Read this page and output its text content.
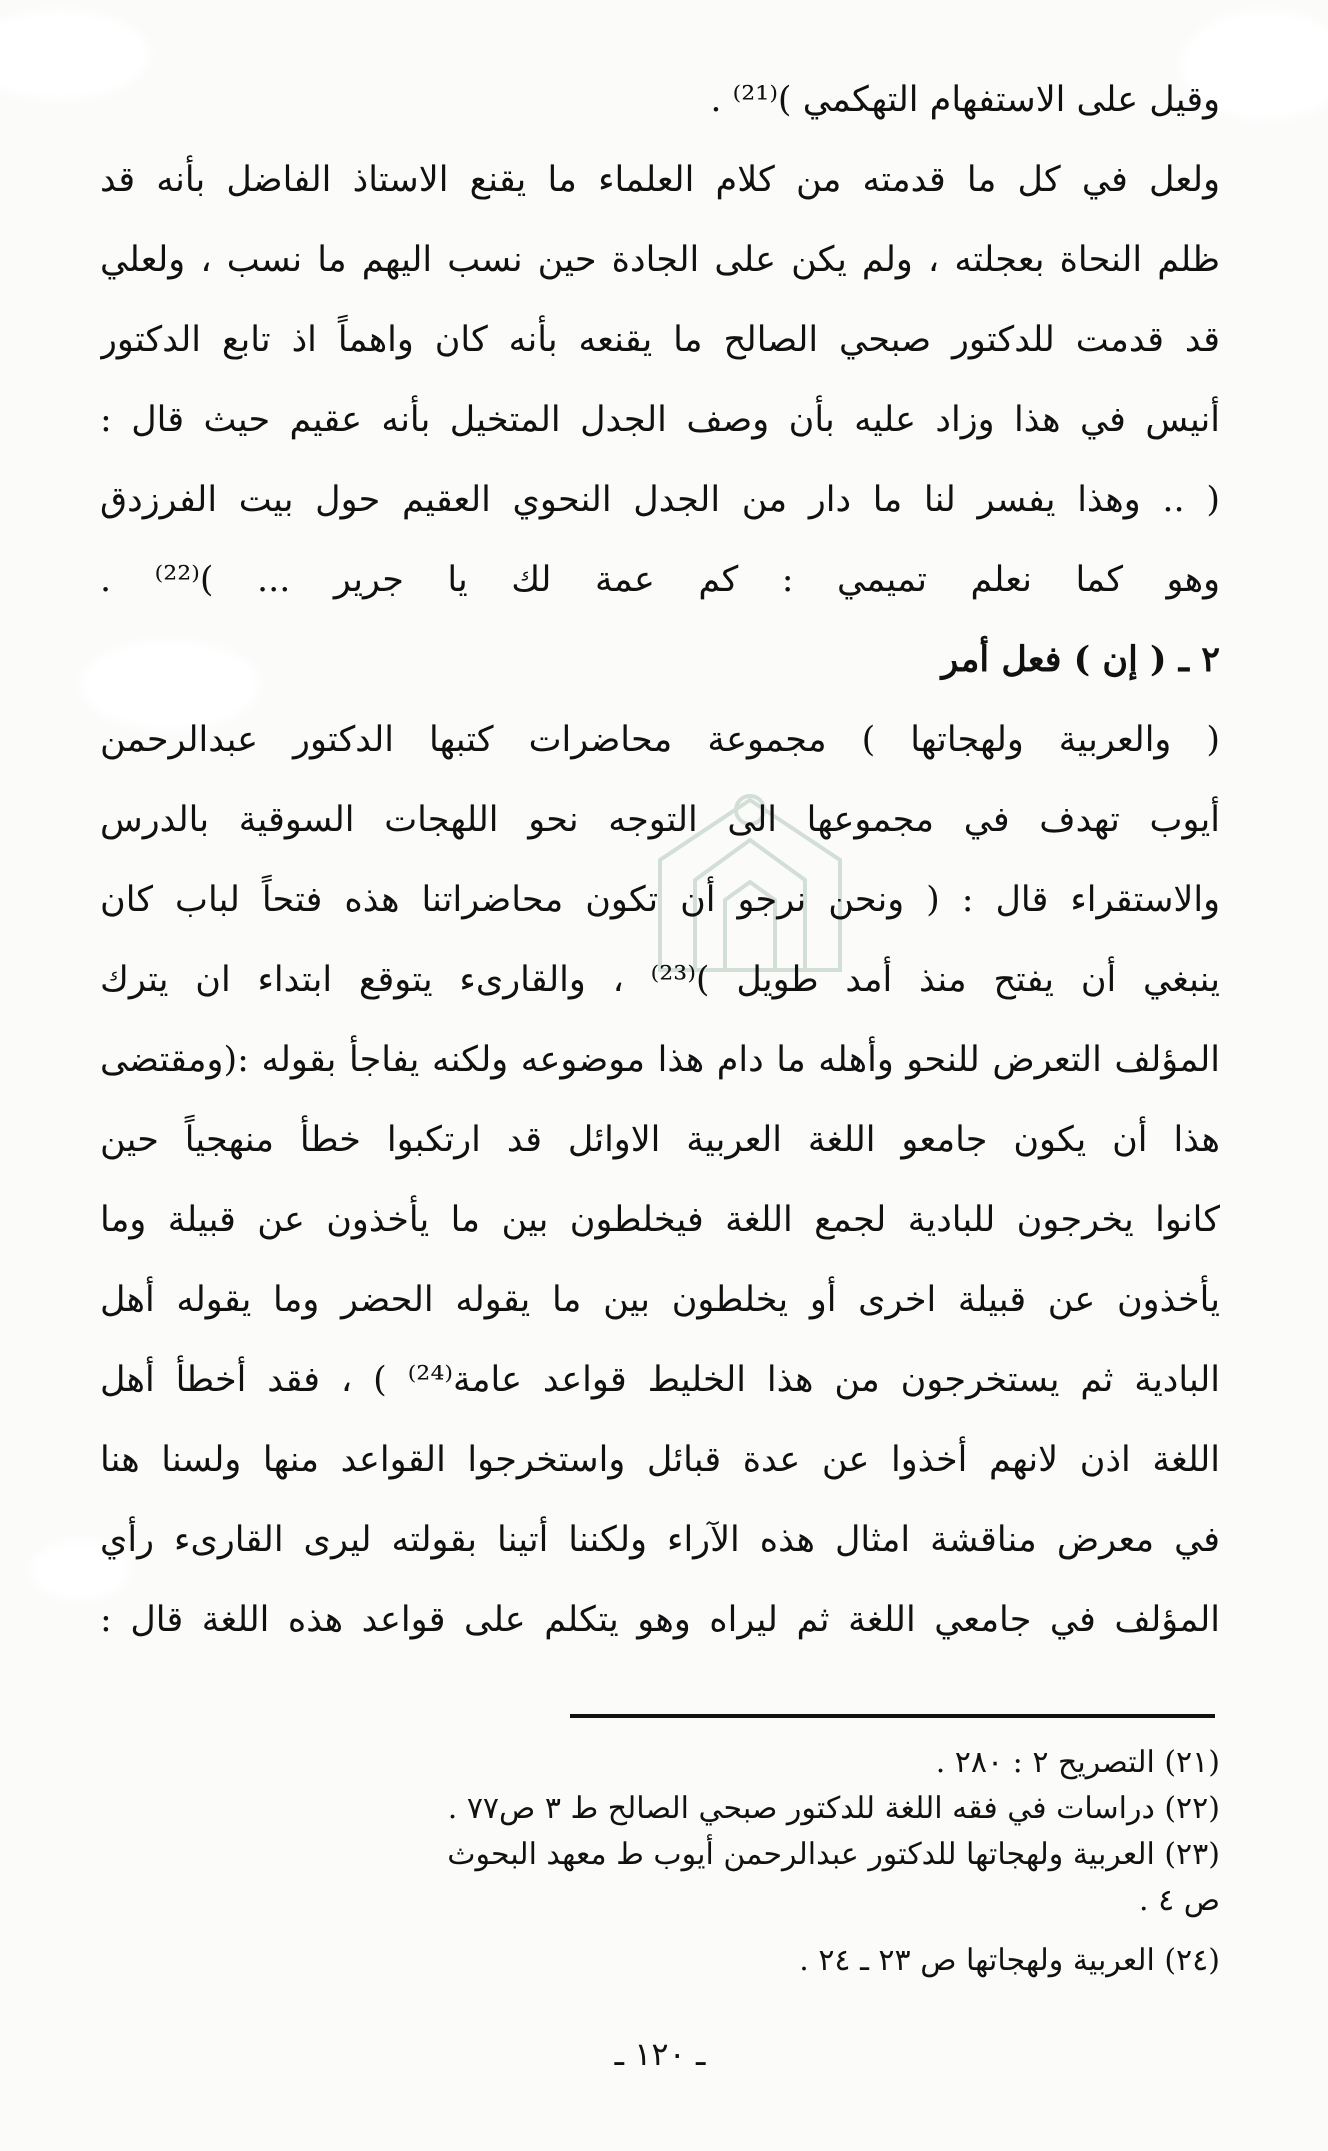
وقيل على الاستفهام التهكمي )⁽²¹⁾ .
ولعل في كل ما قدمته من كلام العلماء ما يقنع الاستاذ الفاضل بأنه قد
ظلم النحاة بعجلته ، ولم يكن على الجادة حين نسب اليهم ما نسب ، ولعلي
قد قدمت للدكتور صبحي الصالح ما يقنعه بأنه كان واهماً اذ تابع الدكتور
أنيس في هذا وزاد عليه بأن وصف الجدل المتخيل بأنه عقيم حيث قال :
( .. وهذا يفسر لنا ما دار من الجدل النحوي العقيم حول بيت الفرزدق
وهو كما نعلم تميمي : كم عمة لك يا جرير ... )⁽²²⁾ .
٢ ـ ( إن ) فعل أمر
( والعربية ولهجاتها ) مجموعة محاضرات كتبها الدكتور عبدالرحمن
أيوب تهدف في مجموعها الى التوجه نحو اللهجات السوقية بالدرس
والاستقراء قال : ( ونحن نرجو أن تكون محاضراتنا هذه فتحاً لباب كان
ينبغي أن يفتح منذ أمد طويل )⁽²³⁾ ، والقارىء يتوقع ابتداء ان يترك
المؤلف التعرض للنحو وأهله ما دام هذا موضوعه ولكنه يفاجأ بقوله :(ومقتضى
هذا أن يكون جامعو اللغة العربية الاوائل قد ارتكبوا خطأ منهجياً حين
كانوا يخرجون للبادية لجمع اللغة فيخلطون بين ما يأخذون عن قبيلة وما
يأخذون عن قبيلة اخرى أو يخلطون بين ما يقوله الحضر وما يقوله أهل
البادية ثم يستخرجون من هذا الخليط قواعد عامة⁽²⁴⁾ ) ، فقد أخطأ أهل
اللغة اذن لانهم أخذوا عن عدة قبائل واستخرجوا القواعد منها ولسنا هنا
في معرض مناقشة امثال هذه الآراء ولكننا أتينا بقولته ليرى القارىء رأي
المؤلف في جامعي اللغة ثم ليراه وهو يتكلم على قواعد هذه اللغة قال :
(٢١) التصريح ٢ : ٢٨٠ .
(٢٢) دراسات في فقه اللغة للدكتور صبحي الصالح ط ٣ ص٧٧ .
(٢٣) العربية ولهجاتها للدكتور عبدالرحمن أيوب ط معهد البحوث
ص ٤ .
(٢٤) العربية ولهجاتها ص ٢٣ ـ ٢٤ .
ـ ١٢٠ ـ
